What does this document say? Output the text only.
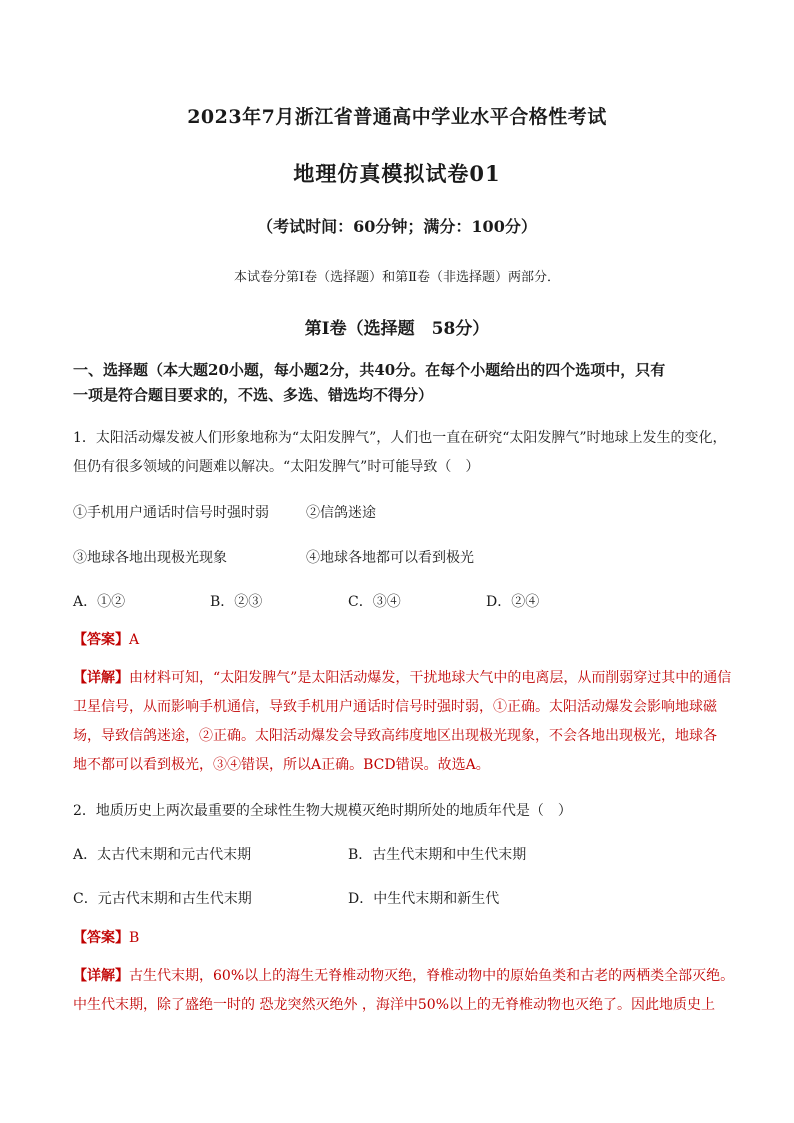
2023年7月浙江省普通高中学业水平合格性考试
地理仿真模拟试卷01
（考试时间：60分钟；满分：100分）
本试卷分第Ⅰ卷（选择题）和第Ⅱ卷（非选择题）两部分．
第Ⅰ卷（选择题　58分）
一、选择题（本大题20小题，每小题2分，共40分。在每个小题给出的四个选项中，只有
一项是符合题目要求的，不选、多选、错选均不得分）
1．太阳活动爆发被人们形象地称为“太阳发脾气”，人们也一直在研究“太阳发脾气”时地球上发生的变化，
但仍有很多领域的问题难以解决。“太阳发脾气”时可能导致（　）
①手机用户通话时信号时强时弱	②信鸽迷途
③地球各地出现极光现象	④地球各地都可以看到极光
A．①②	B．②③	C．③④	D．②④
【答案】A
【详解】由材料可知，“太阳发脾气”是太阳活动爆发，干扰地球大气中的电离层，从而削弱穿过其中的通信
卫星信号，从而影响手机通信，导致手机用户通话时信号时强时弱，①正确。太阳活动爆发会影响地球磁
场，导致信鸽迷途，②正确。太阳活动爆发会导致高纬度地区出现极光现象，不会各地出现极光，地球各
地不都可以看到极光，③④错误，所以A正确。BCD错误。故选A。
2．地质历史上两次最重要的全球性生物大规模灭绝时期所处的地质年代是（　）
A．太古代末期和元古代末期	B．古生代末期和中生代末期
C．元古代末期和古生代末期	D．中生代末期和新生代
【答案】B
【详解】古生代末期，60%以上的海生无脊椎动物灭绝，脊椎动物中的原始鱼类和古老的两栖类全部灭绝。
中生代末期，除了盛绝一时的 恐龙突然灭绝外 ，海洋中50%以上的无脊椎动物也灭绝了。因此地质史上
